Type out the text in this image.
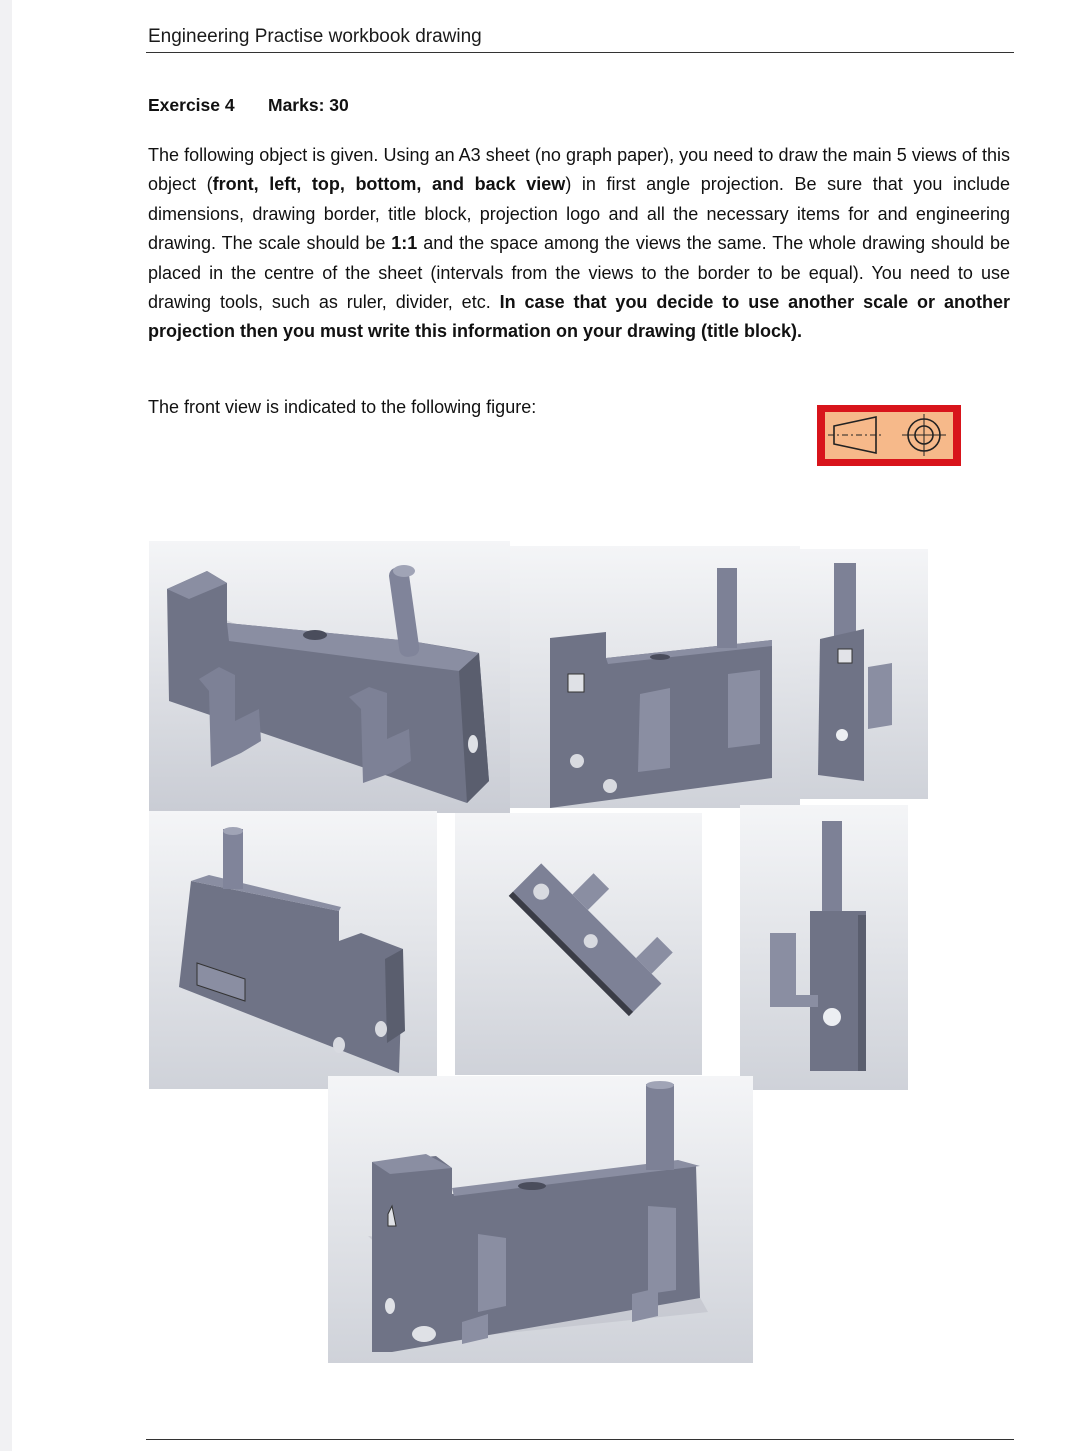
Engineering Practise workbook drawing
Exercise 4 Marks: 30
The following object is given. Using an A3 sheet (no graph paper), you need to draw the main 5 views of this object (front, left, top, bottom, and back view) in first angle projection. Be sure that you include dimensions, drawing border, title block, projection logo and all the necessary items for and engineering drawing. The scale should be 1:1 and the space among the views the same. The whole drawing should be placed in the centre of the sheet (intervals from the views to the border to be equal). You need to use drawing tools, such as ruler, divider, etc. In case that you decide to use another scale or another projection then you must write this information on your drawing (title block).
The front view is indicated to the following figure:
